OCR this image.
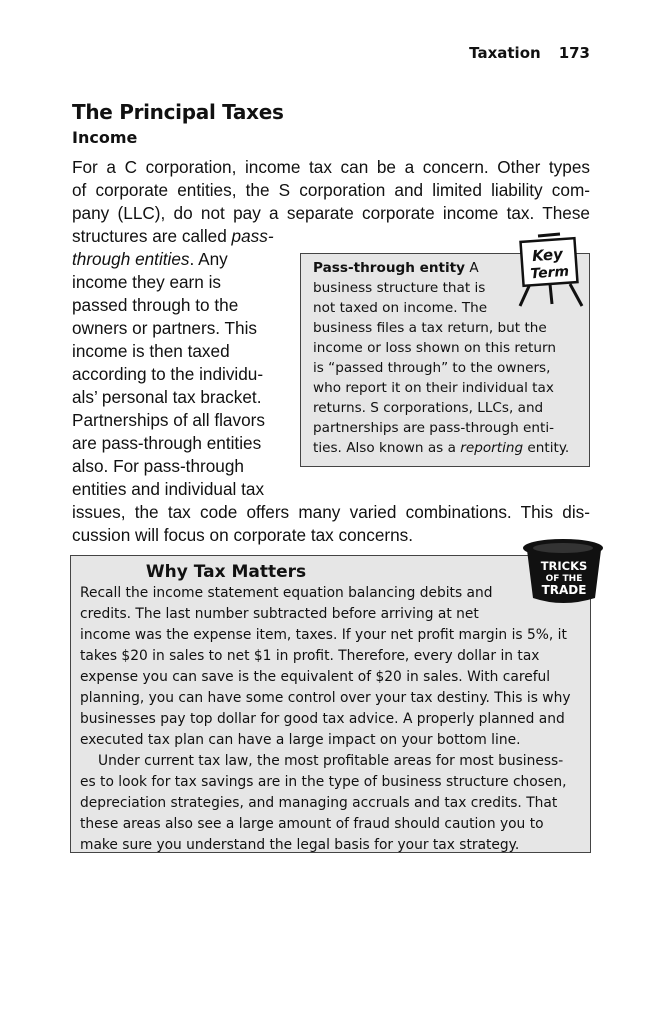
Taxation 173
The Principal Taxes
Income
For a C corporation, income tax can be a concern. Other types
of corporate entities, the S corporation and limited liability com-
pany (LLC), do not pay a separate corporate income tax. These
structures are called pass-
through entities. Any
income they earn is
passed through to the
owners or partners. This
income is then taxed
according to the individu-
als’ personal tax bracket.
Partnerships of all flavors
are pass-through entities
also. For pass-through
entities and individual tax
issues, the tax code offers many varied combinations. This dis-
cussion will focus on corporate tax concerns.
Pass-through entity A
business structure that is
not taxed on income. The
business files a tax return, but the
income or loss shown on this return
is “passed through” to the owners,
who report it on their individual tax
returns. S corporations, LLCs, and
partnerships are pass-through enti-
ties. Also known as a reporting entity.
Key
Term
Why Tax Matters
Recall the income statement equation balancing debits and
credits. The last number subtracted before arriving at net
income was the expense item, taxes. If your net profit margin is 5%, it
takes $20 in sales to net $1 in profit. Therefore, every dollar in tax
expense you can save is the equivalent of $20 in sales. With careful
planning, you can have some control over your tax destiny. This is why
businesses pay top dollar for good tax advice. A properly planned and
executed tax plan can have a large impact on your bottom line.
Under current tax law, the most profitable areas for most business-
es to look for tax savings are in the type of business structure chosen,
depreciation strategies, and managing accruals and tax credits. That
these areas also see a large amount of fraud should caution you to
make sure you understand the legal basis for your tax strategy.
TRICKS
OF THE
TRADE
